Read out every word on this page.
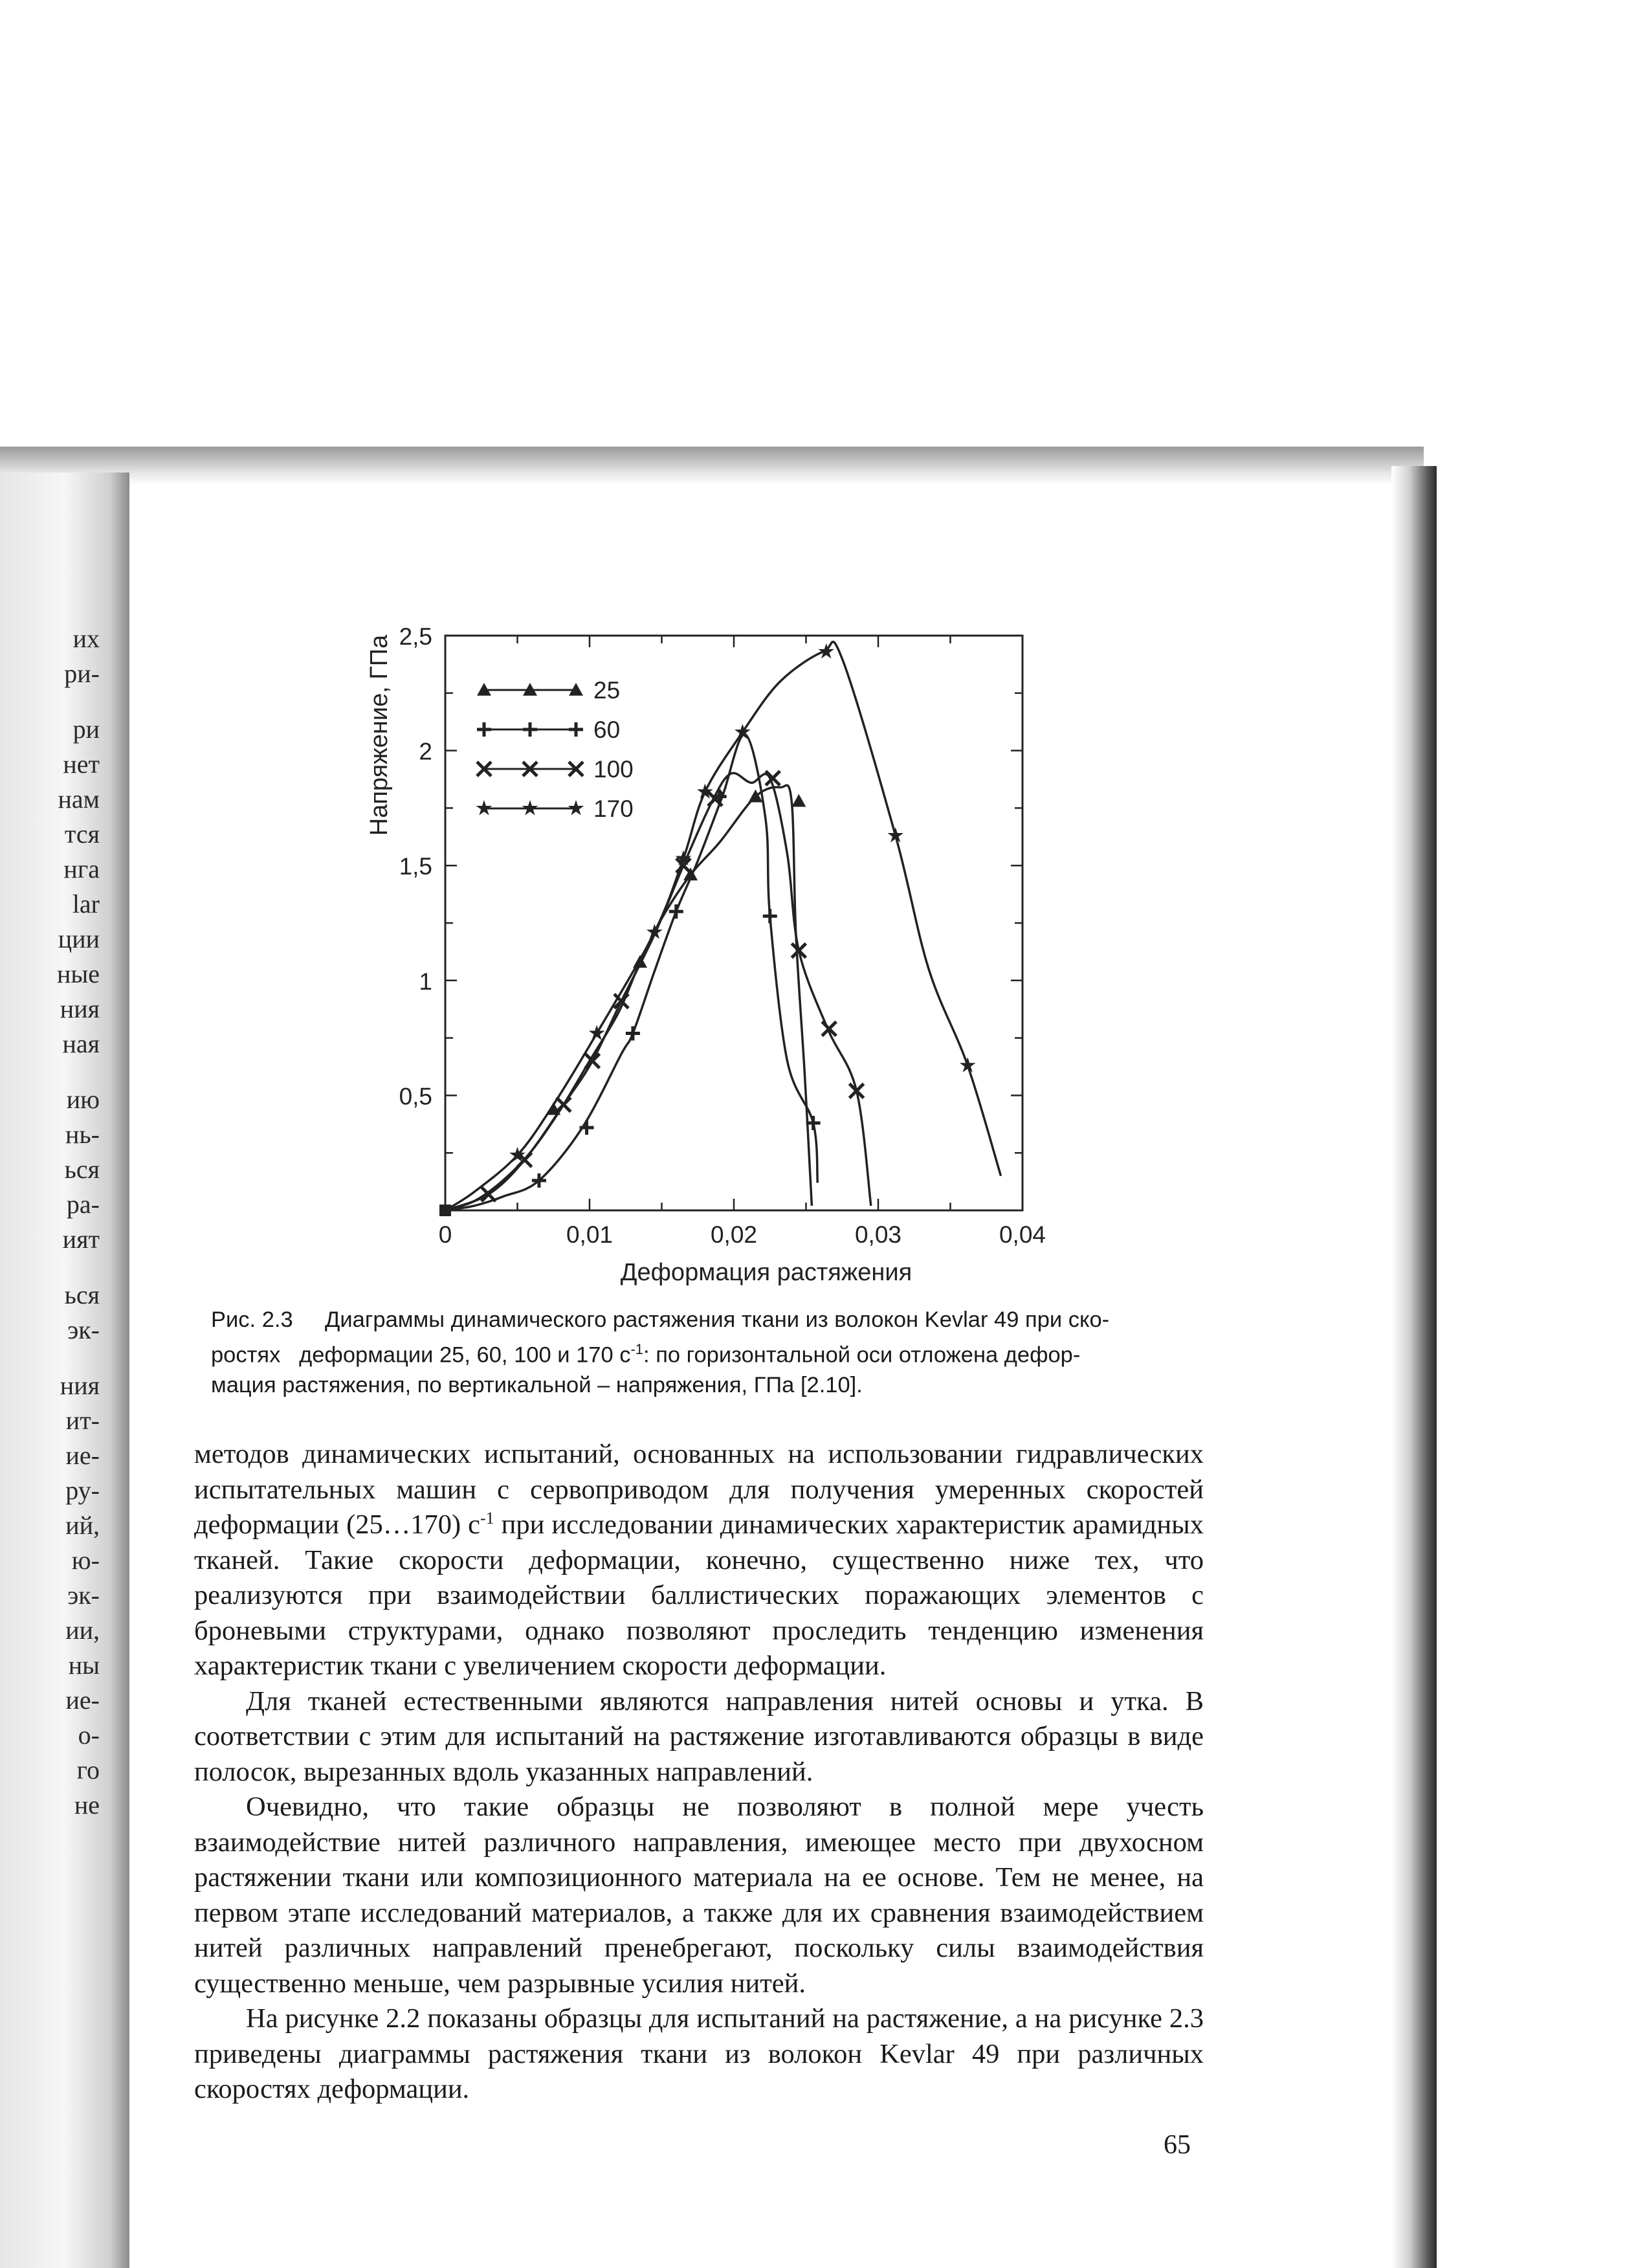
их
ри-
ри
нет
нам
тся
нга
lar
ции
ные
ния
ная
ию
нь-
ься
ра-
ият
ься
эк-
ния
ит-
ие-
ру-
ий,
ю-
эк-
ии,
ны
ие-
о-
го
не
0	0,01	0,02	0,03	0,04
0,5
1
1,5
2
2,5
Деформация растяжения
Напряжение, ГПа	25
60
100
170
Рис. 2.3 Диаграммы динамического растяжения ткани из волокон Kevlar 49 при ско-
ростях   деформации 25, 60, 100 и 170 $с^{-1}$: по горизонтальной оси отложена дефор-
мация растяжения, по вертикальной – напряжения, ГПа [2.10].

методов динамических испытаний, основанных на использовании гидравлических испытательных машин с сервоприводом для получения умеренных скоростей деформации (25…170) $с^{-1}$ при исследовании динамических характеристик арамидных тканей. Такие скорости деформации, конечно, существенно ниже тех, что реализуются при взаимодействии баллистических поражающих элементов с броневыми структурами, однако позволяют проследить тенденцию изменения характеристик ткани с увеличением скорости деформации.

Для тканей естественными являются направления нитей основы и утка. В соответствии с этим для испытаний на растяжение изготавливаются образцы в виде полосок, вырезанных вдоль указанных направлений.

Очевидно, что такие образцы не позволяют в полной мере учесть взаимодействие нитей различного направления, имеющее место при двухосном растяжении ткани или композиционного материала на ее основе. Тем не менее, на первом этапе исследований материалов, а также для их сравнения взаимодействием нитей различных направлений пренебрегают, поскольку силы взаимодействия существенно меньше, чем разрывные усилия нитей.

На рисунке 2.2 показаны образцы для испытаний на растяжение, а на рисунке 2.3 приведены диаграммы растяжения ткани из волокон Kevlar 49 при различных скоростях деформации.

65
